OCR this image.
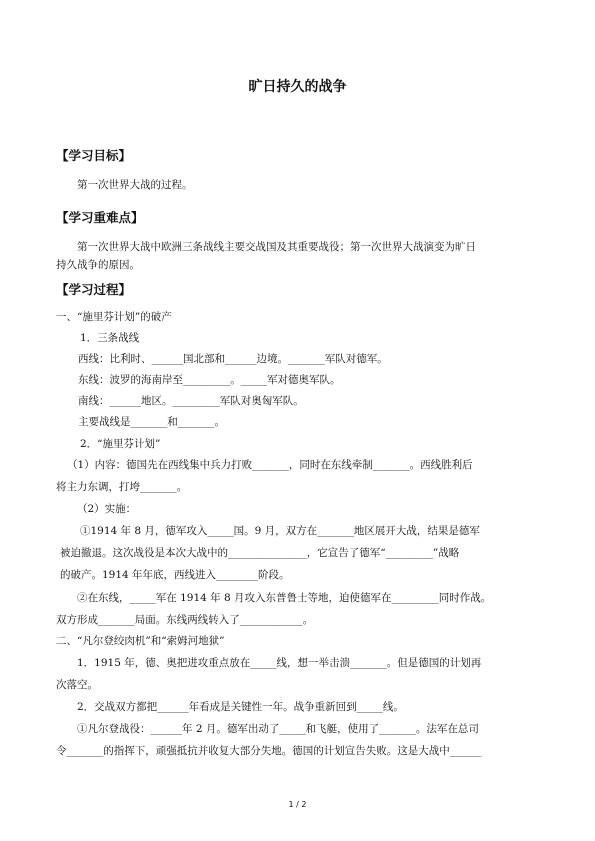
旷日持久的战争
【学习目标】
第一次世界大战的过程。
【学习重难点】
第一次世界大战中欧洲三条战线主要交战国及其重要战役；第一次世界大战演变为旷日
持久战争的原因。
【学习过程】
一、“施里芬计划”的破产
1．三条战线
西线：比利时、______国北部和______边境。_______军队对德军。
东线：波罗的海南岸至_________。_____军对德奥军队。
南线：______地区。_________军队对奥匈军队。
主要战线是_______和_______。
2．“施里芬计划”
（1）内容：德国先在西线集中兵力打败_______，同时在东线牵制_______。西线胜利后
将主力东调，打垮_______。
（2）实施：
①1914 年 8 月，德军攻入_____国。9 月，双方在_______地区展开大战，结果是德军
被迫撤退。这次战役是本次大战中的_______________，它宣告了德军“_________”战略
的破产。1914 年年底，西线进入________阶段。
②在东线，_____军在 1914 年 8 月攻入东普鲁士等地，迫使德军在_________同时作战。
双方形成_______局面。东线两线转入了____________。
二、“凡尔登绞肉机”和“索姆河地狱”
1．1915 年，德、奥把进攻重点放在_____线，想一举击溃_______。但是德国的计划再
次落空。
2．交战双方都把______年看成是关键性一年。战争重新回到_____线。
①凡尔登战役：______年 2 月。德军出动了_____和飞艇，使用了_______。法军在总司
令_______的指挥下，顽强抵抗并收复大部分失地。德国的计划宣告失败。这是大战中______
1 / 2
